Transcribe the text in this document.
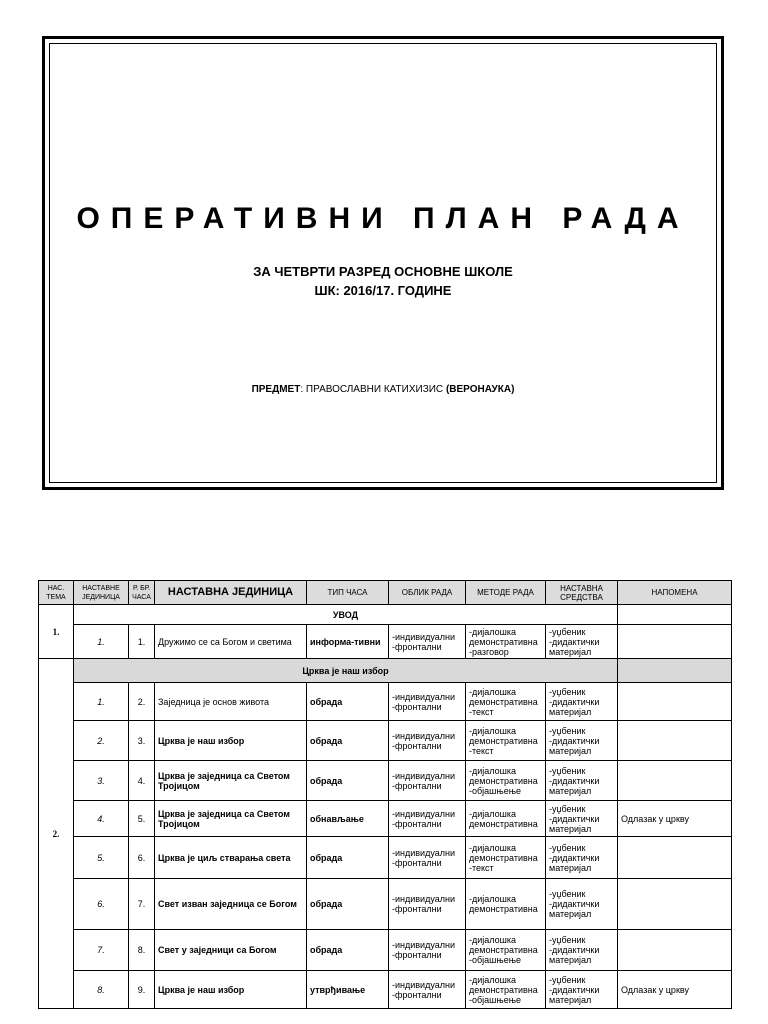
ОПЕРАТИВНИ ПЛАН РАДА
ЗА ЧЕТВРТИ РАЗРЕД ОСНОВНЕ ШКОЛЕ
ШК: 2016/17. ГОДИНЕ
ПРЕДМЕТ: ПРАВОСЛАВНИ КАТИХИЗИС (ВЕРОНАУКА)
НАС. ТЕМА	НАСТАВНЕ ЈЕДИНИЦА	Р. БР. ЧАСА	НАСТАВНА ЈЕДИНИЦА	ТИП ЧАСА	ОБЛИК РАДА	МЕТОДЕ РАДА	НАСТАВНА СРЕДСТВА	НАПОМЕНА
1.	УВОД							
	1.	1.	Дружимо се са Богом и светима	информа-тивни	-индивидуални -фронтални	-дијалошка демонстративна -разговор	-уџбеник -дидактички материјал	
2.	Црква је наш избор							
	1.	2.	Заједница је основ живота	обрада	-индивидуални -фронтални	-дијалошка демонстративна -текст	-уџбеник -дидактички материјал	
	2.	3.	Црква је наш избор	обрада	-индивидуални -фронтални	-дијалошка демонстративна -текст	-уџбеник -дидактички материјал	
	3.	4.	Црква је заједница са Светом Тројицом	обрада	-индивидуални -фронтални	-дијалошка демонстративна -објашњење	-уџбеник -дидактички материјал	
	4.	5.	Црква је заједница са Светом Тројицом	обнављање	-индивидуални -фронтални	-дијалошка демонстративна	-уџбеник -дидактички материјал	Одлазак у цркву
	5.	6.	Црква је циљ стварања света	обрада	-индивидуални -фронтални	-дијалошка демонстративна -текст	-уџбеник -дидактички материјал	
	6.	7.	Свет изван заједница се Богом	обрада	-индивидуални -фронтални	-дијалошка демонстративна	-уџбеник -дидактички материјал	
	7.	8.	Свет у заједници са Богом	обрада	-индивидуални -фронтални	-дијалошка демонстративна -објашњење	-уџбеник -дидактички материјал	
	8.	9.	Црква је наш избор	утврђивање	-индивидуални -фронтални	-дијалошка демонстративна -објашњење	-уџбеник -дидактички материјал	Одлазак у цркву
